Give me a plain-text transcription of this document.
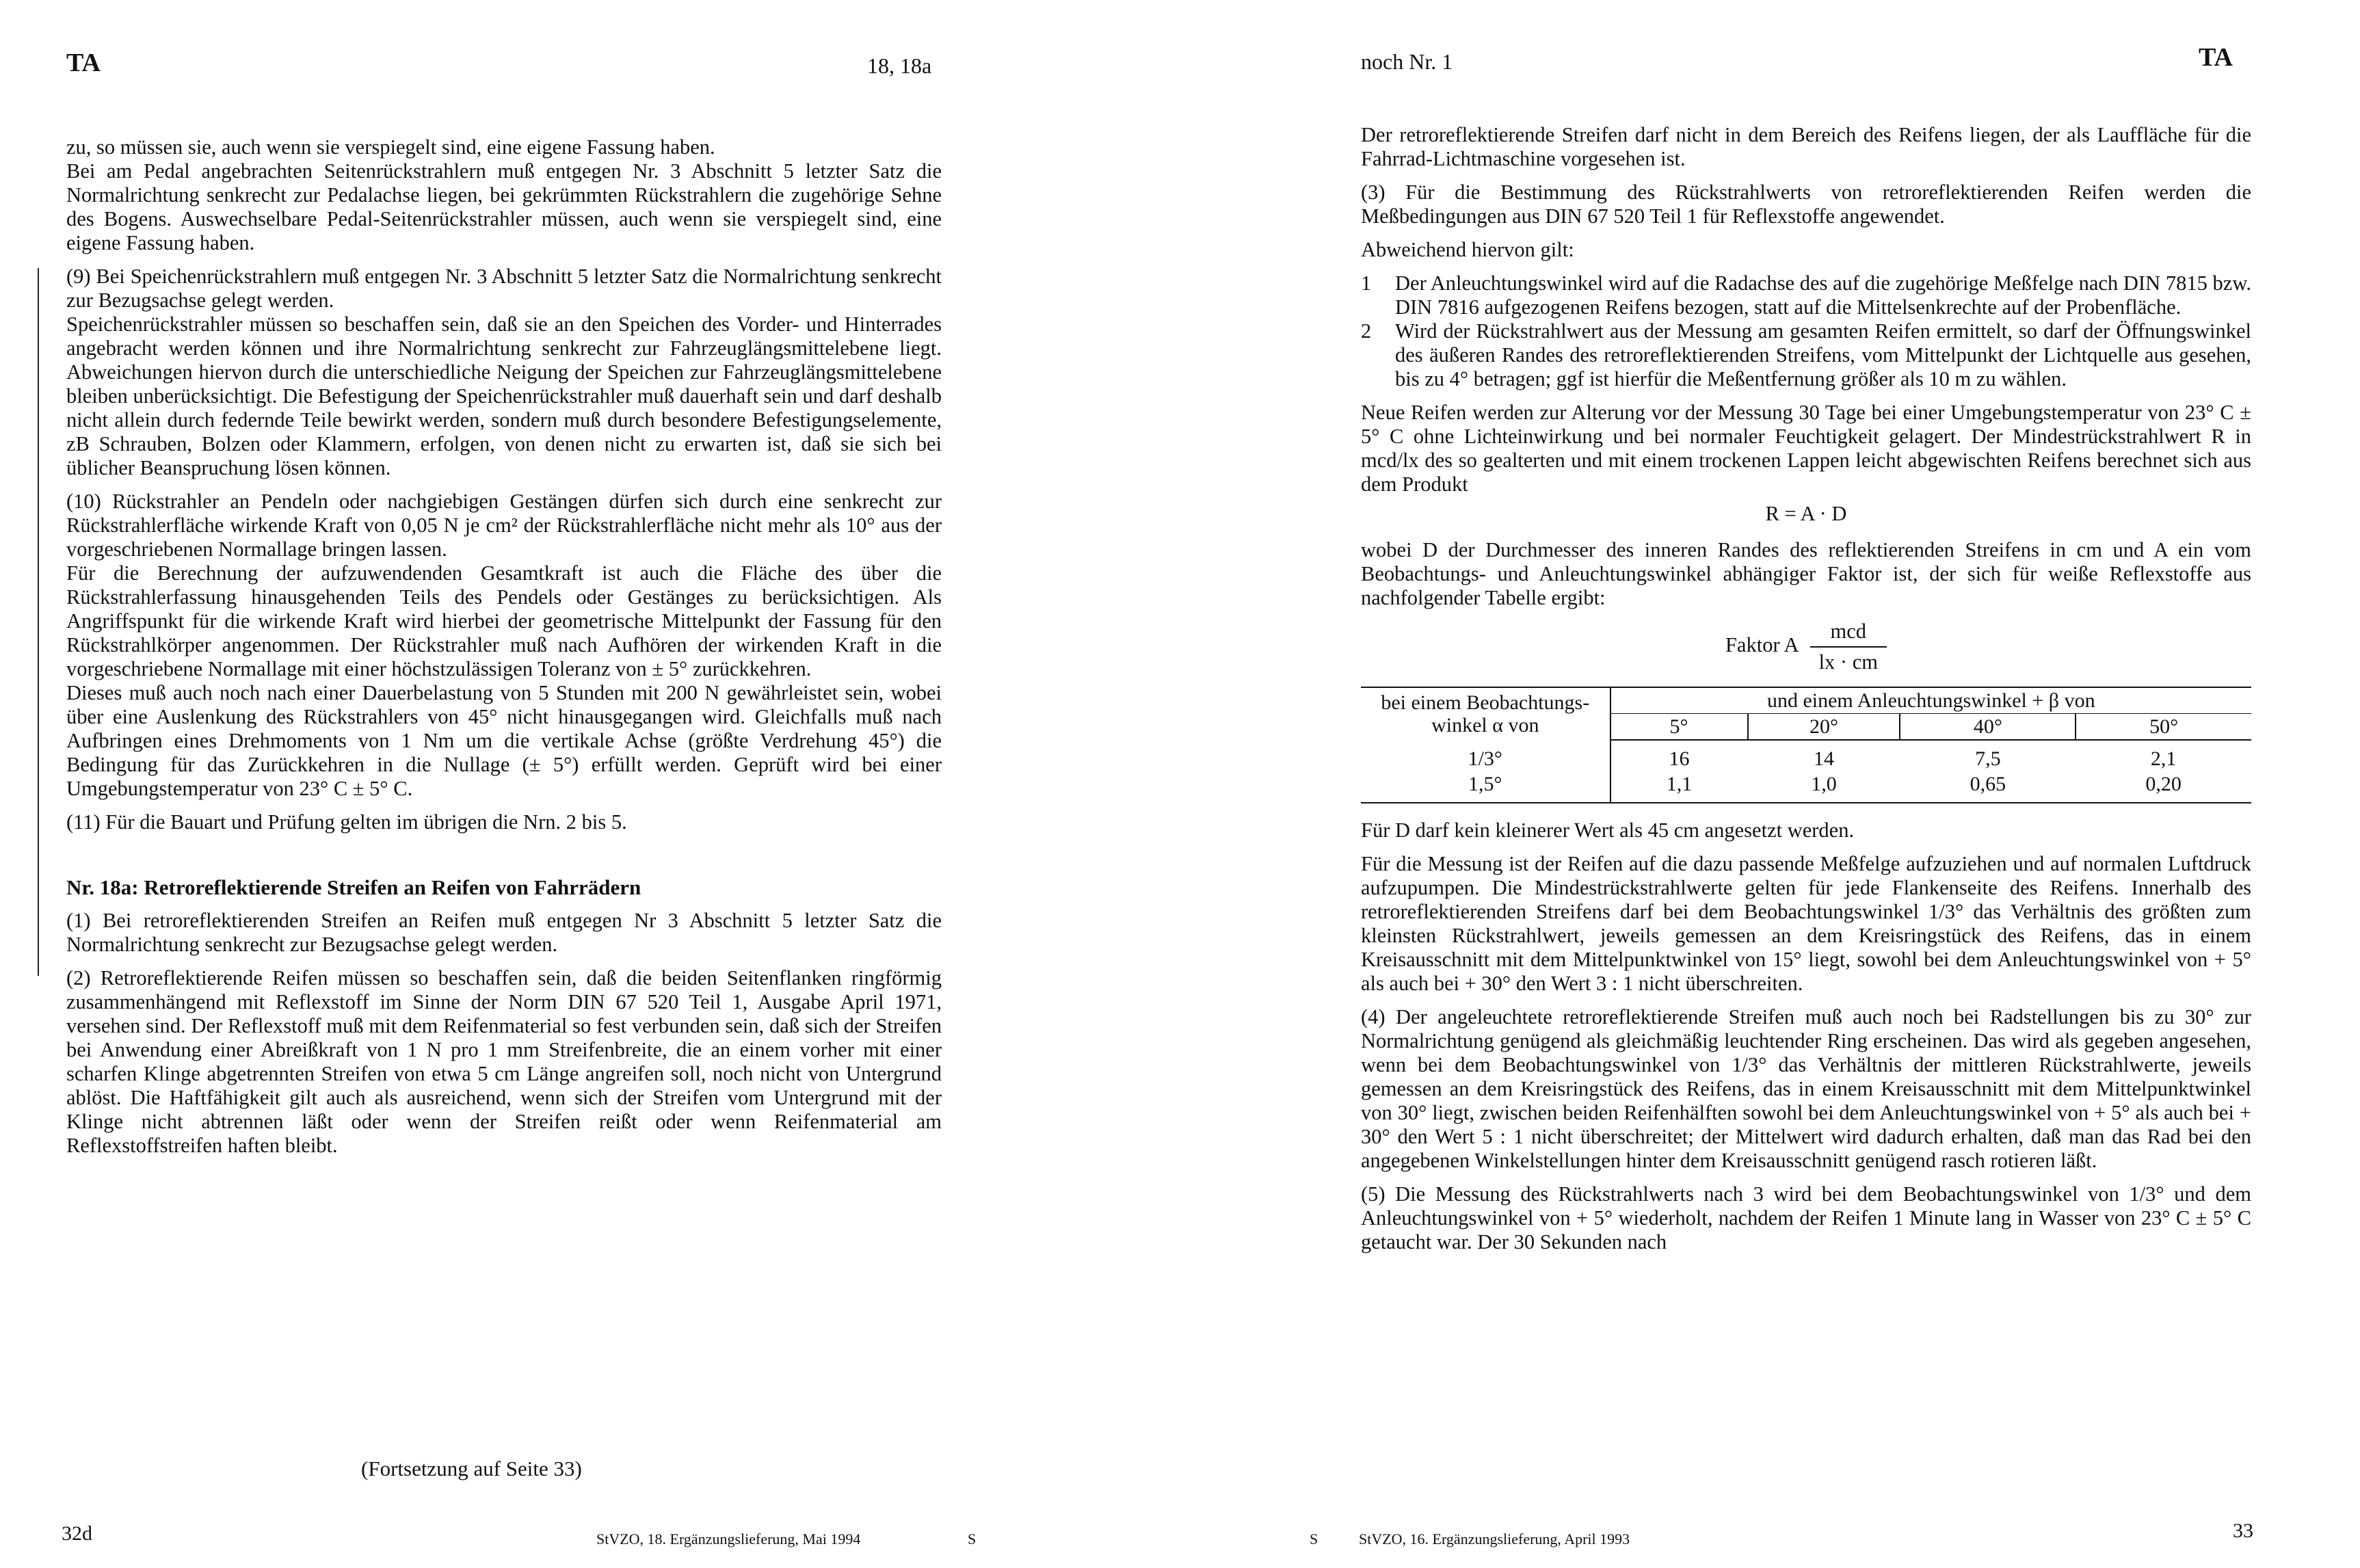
TA	18, 18a

zu, so müssen sie, auch wenn sie verspiegelt sind, eine eigene Fassung haben.

Bei am Pedal angebrachten Seitenrückstrahlern muß entgegen Nr. 3 Abschnitt 5 letzter Satz die Normalrichtung senkrecht zur Pedalachse liegen, bei gekrümmten Rückstrahlern die zugehörige Sehne des Bogens. Auswechselbare Pedal-Seitenrückstrahler müssen, auch wenn sie verspiegelt sind, eine eigene Fassung haben.

(9) Bei Speichenrückstrahlern muß entgegen Nr. 3 Abschnitt 5 letzter Satz die Normalrichtung senkrecht zur Bezugsachse gelegt werden.

Speichenrückstrahler müssen so beschaffen sein, daß sie an den Speichen des Vorder- und Hinterrades angebracht werden können und ihre Normalrichtung senkrecht zur Fahrzeuglängsmittelebene liegt. Abweichungen hiervon durch die unterschiedliche Neigung der Speichen zur Fahrzeuglängsmittelebene bleiben unberücksichtigt. Die Befestigung der Speichenrückstrahler muß dauerhaft sein und darf deshalb nicht allein durch federnde Teile bewirkt werden, sondern muß durch besondere Befestigungselemente, zB Schrauben, Bolzen oder Klammern, erfolgen, von denen nicht zu erwarten ist, daß sie sich bei üblicher Beanspruchung lösen können.

(10) Rückstrahler an Pendeln oder nachgiebigen Gestängen dürfen sich durch eine senkrecht zur Rückstrahlerfläche wirkende Kraft von 0,05 N je cm² der Rückstrahlerfläche nicht mehr als 10° aus der vorgeschriebenen Normallage bringen lassen.

Für die Berechnung der aufzuwendenden Gesamtkraft ist auch die Fläche des über die Rückstrahlerfassung hinausgehenden Teils des Pendels oder Gestänges zu berücksichtigen. Als Angriffspunkt für die wirkende Kraft wird hierbei der geometrische Mittelpunkt der Fassung für den Rückstrahlkörper angenommen. Der Rückstrahler muß nach Aufhören der wirkenden Kraft in die vorgeschriebene Normallage mit einer höchstzulässigen Toleranz von ± 5° zurückkehren.

Dieses muß auch noch nach einer Dauerbelastung von 5 Stunden mit 200 N gewährleistet sein, wobei über eine Auslenkung des Rückstrahlers von 45° nicht hinausgegangen wird. Gleichfalls muß nach Aufbringen eines Drehmoments von 1 Nm um die vertikale Achse (größte Verdrehung 45°) die Bedingung für das Zurückkehren in die Nullage (± 5°) erfüllt werden. Geprüft wird bei einer Umgebungstemperatur von 23° C ± 5° C.

(11) Für die Bauart und Prüfung gelten im übrigen die Nrn. 2 bis 5.

Nr. 18a: Retroreflektierende Streifen an Reifen von Fahrrädern

(1) Bei retroreflektierenden Streifen an Reifen muß entgegen Nr 3 Abschnitt 5 letzter Satz die Normalrichtung senkrecht zur Bezugsachse gelegt werden.

(2) Retroreflektierende Reifen müssen so beschaffen sein, daß die beiden Seitenflanken ringförmig zusammenhängend mit Reflexstoff im Sinne der Norm DIN 67 520 Teil 1, Ausgabe April 1971, versehen sind. Der Reflexstoff muß mit dem Reifenmaterial so fest verbunden sein, daß sich der Streifen bei Anwendung einer Abreißkraft von 1 N pro 1 mm Streifenbreite, die an einem vorher mit einer scharfen Klinge abgetrennten Streifen von etwa 5 cm Länge angreifen soll, noch nicht von Untergrund ablöst. Die Haftfähigkeit gilt auch als ausreichend, wenn sich der Streifen vom Untergrund mit der Klinge nicht abtrennen läßt oder wenn der Streifen reißt oder wenn Reifenmaterial am Reflexstoffstreifen haften bleibt.

(Fortsetzung auf Seite 33)
32d	StVZO, 18. Ergänzungslieferung, Mai 1994	S
noch Nr. 1	TA

Der retroreflektierende Streifen darf nicht in dem Bereich des Reifens liegen, der als Lauffläche für die Fahrrad-Lichtmaschine vorgesehen ist.

(3) Für die Bestimmung des Rückstrahlwerts von retroreflektierenden Reifen werden die Meßbedingungen aus DIN 67 520 Teil 1 für Reflexstoffe angewendet.

Abweichend hiervon gilt:

1	Der Anleuchtungswinkel wird auf die Radachse des auf die zugehörige Meßfelge nach DIN 7815 bzw. DIN 7816 aufgezogenen Reifens bezogen, statt auf die Mittelsenkrechte auf der Probenfläche.
2	Wird der Rückstrahlwert aus der Messung am gesamten Reifen ermittelt, so darf der Öffnungswinkel des äußeren Randes des retroreflektierenden Streifens, vom Mittelpunkt der Lichtquelle aus gesehen, bis zu 4° betragen; ggf ist hierfür die Meßentfernung größer als 10 m zu wählen.

Neue Reifen werden zur Alterung vor der Messung 30 Tage bei einer Umgebungstemperatur von 23° C ± 5° C ohne Lichteinwirkung und bei normaler Feuchtigkeit gelagert. Der Mindestrückstrahlwert R in mcd/lx des so gealterten und mit einem trockenen Lappen leicht abgewischten Reifens berechnet sich aus dem Produkt

R = A · D

wobei D der Durchmesser des inneren Randes des reflektierenden Streifens in cm und A ein vom Beobachtungs- und Anleuchtungswinkel abhängiger Faktor ist, der sich für weiße Reflexstoffe aus nachfolgender Tabelle ergibt:

Faktor A $\frac{\text{mcd}}{lx \cdot cm}$
bei einem Beobachtungs-winkel α von	und einem Anleuchtungswinkel + β von			
	5°	20°	40°	50°
1/3°	16	14	7,5	2,1
1,5°	1,1	1,0	0,65	0,20

Für D darf kein kleinerer Wert als 45 cm angesetzt werden.

Für die Messung ist der Reifen auf die dazu passende Meßfelge aufzuziehen und auf normalen Luftdruck aufzupumpen. Die Mindestrückstrahlwerte gelten für jede Flankenseite des Reifens. Innerhalb des retroreflektierenden Streifens darf bei dem Beobachtungswinkel 1/3° das Verhältnis des größten zum kleinsten Rückstrahlwert, jeweils gemessen an dem Kreisringstück des Reifens, das in einem Kreisausschnitt mit dem Mittelpunktwinkel von 15° liegt, sowohl bei dem Anleuchtungswinkel von + 5° als auch bei + 30° den Wert 3 : 1 nicht überschreiten.

(4) Der angeleuchtete retroreflektierende Streifen muß auch noch bei Radstellungen bis zu 30° zur Normalrichtung genügend als gleichmäßig leuchtender Ring erscheinen. Das wird als gegeben angesehen, wenn bei dem Beobachtungswinkel von 1/3° das Verhältnis der mittleren Rückstrahlwerte, jeweils gemessen an dem Kreisringstück des Reifens, das in einem Kreisausschnitt mit dem Mittelpunktwinkel von 30° liegt, zwischen beiden Reifenhälften sowohl bei dem Anleuchtungswinkel von + 5° als auch bei + 30° den Wert 5 : 1 nicht überschreitet; der Mittelwert wird dadurch erhalten, daß man das Rad bei den angegebenen Winkelstellungen hinter dem Kreisausschnitt genügend rasch rotieren läßt.

(5) Die Messung des Rückstrahlwerts nach 3 wird bei dem Beobachtungswinkel von 1/3° und dem Anleuchtungswinkel von + 5° wiederholt, nachdem der Reifen 1 Minute lang in Wasser von 23° C ± 5° C getaucht war. Der 30 Sekunden nach

S	StVZO, 16. Ergänzungslieferung, April 1993	33
